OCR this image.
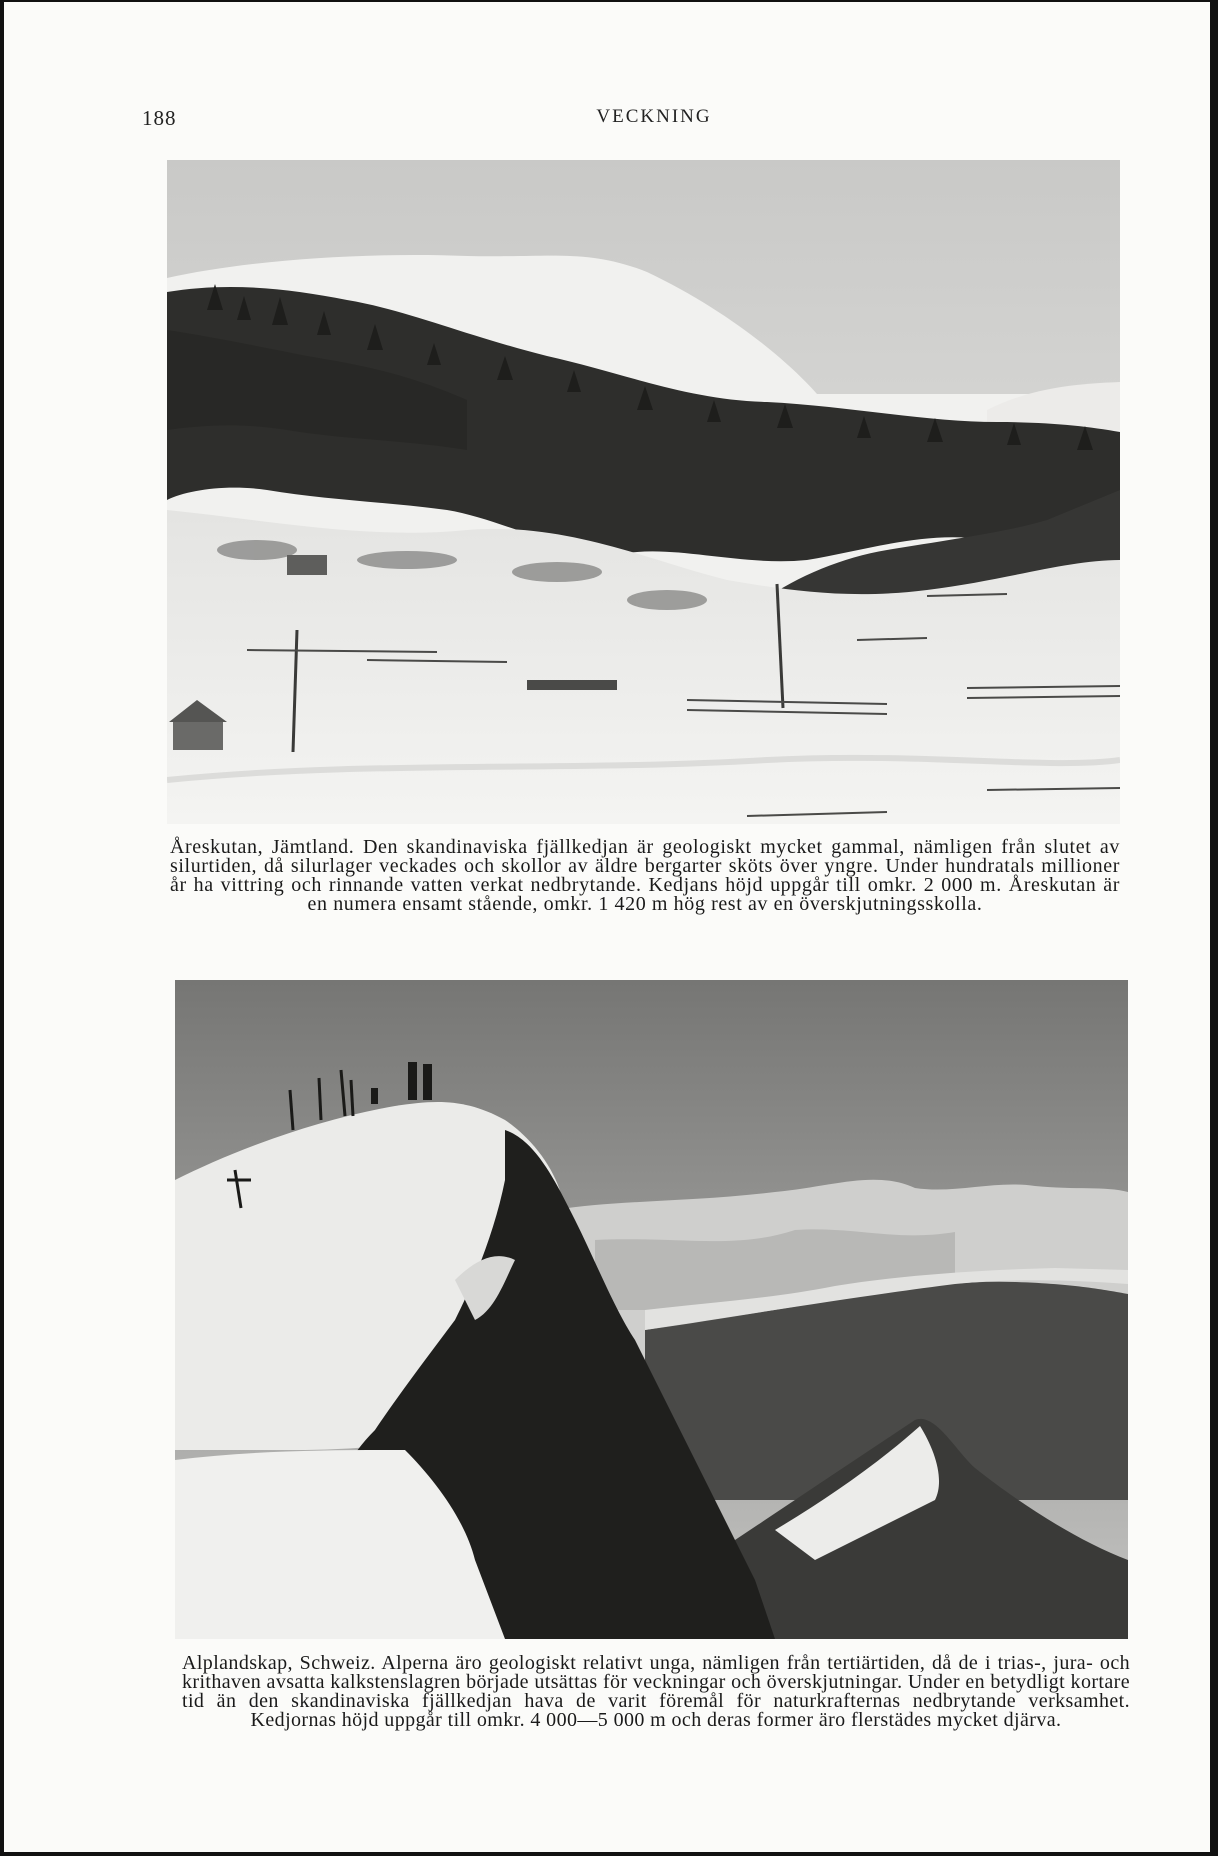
188	VECKNING
Åreskutan, Jämtland. Den skandinaviska fjällkedjan är geologiskt mycket gammal, nämligen från slutet av silurtiden, då silurlager veckades och skollor av äldre bergarter sköts över yngre. Under hundratals millioner år ha vittring och rinnande vatten verkat nedbrytande. Kedjans höjd uppgår till omkr. 2 000 m. Åreskutan är en numera ensamt stående, omkr. 1 420 m hög rest av en överskjutningsskolla.
Alplandskap, Schweiz. Alperna äro geologiskt relativt unga, nämligen från tertiärtiden, då de i trias-, jura- och krithaven avsatta kalkstenslagren började utsättas för veckningar och överskjutningar. Under en betydligt kortare tid än den skandinaviska fjällkedjan hava de varit föremål för naturkrafternas nedbrytande verksamhet. Kedjornas höjd uppgår till omkr. 4 000—5 000 m och deras former äro flerstädes mycket djärva.
